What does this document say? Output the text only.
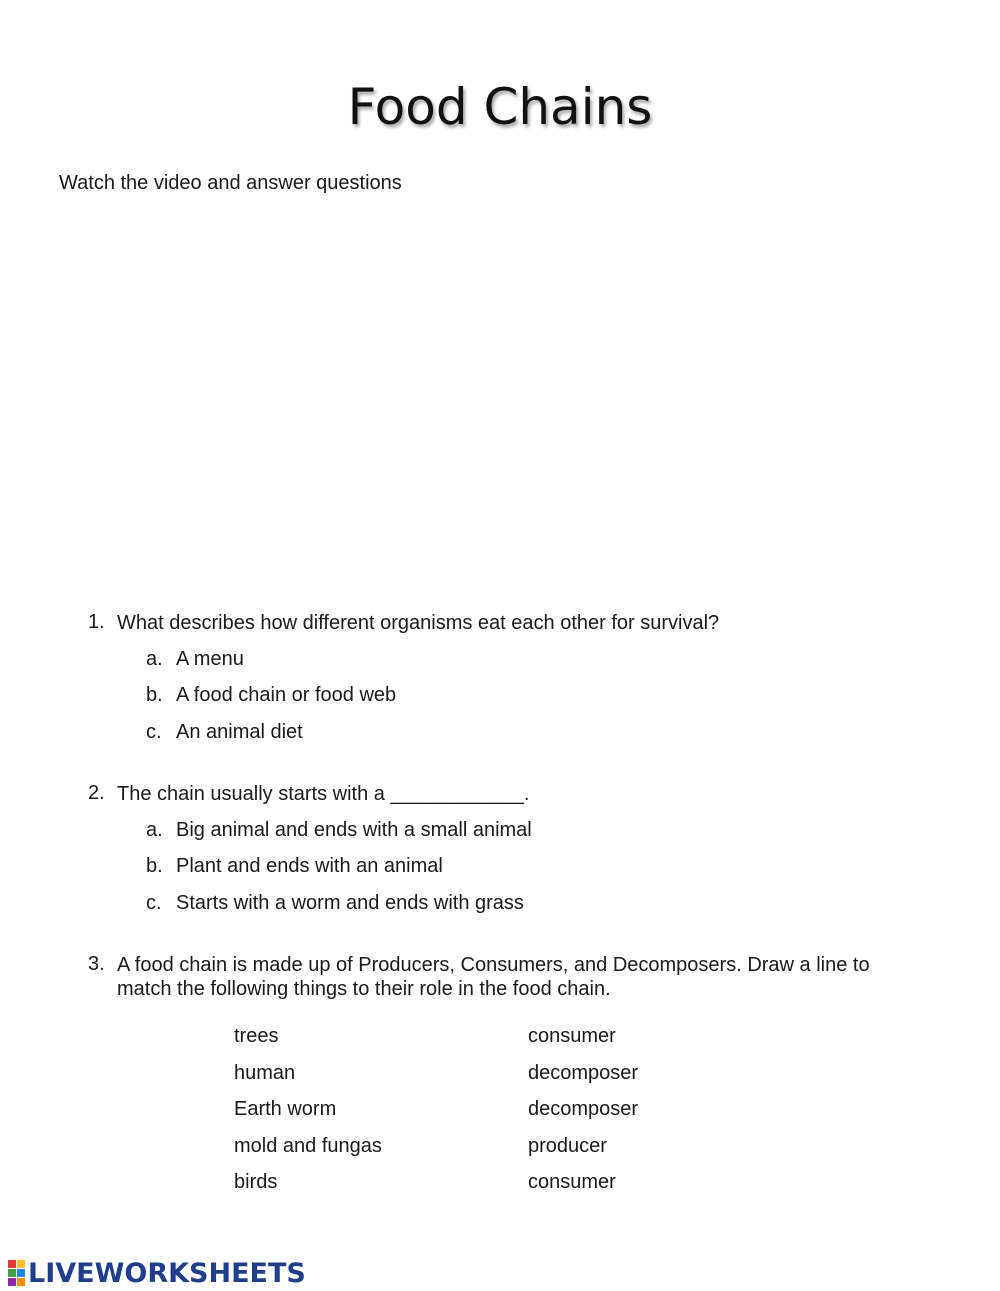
Food Chains
Watch the video and answer questions
1. What describes how different organisms eat each other for survival?
a. A menu
b. A food chain or food web
c. An animal diet
2. The chain usually starts with a ____________.
a. Big animal and ends with a small animal
b. Plant and ends with an animal
c. Starts with a worm and ends with grass
3. A food chain is made up of Producers, Consumers, and Decomposers. Draw a line to
match the following things to their role in the food chain.
trees
human
Earth worm
mold and fungas
birds
consumer
decomposer
decomposer
producer
consumer
LIVEWORKSHEETS
